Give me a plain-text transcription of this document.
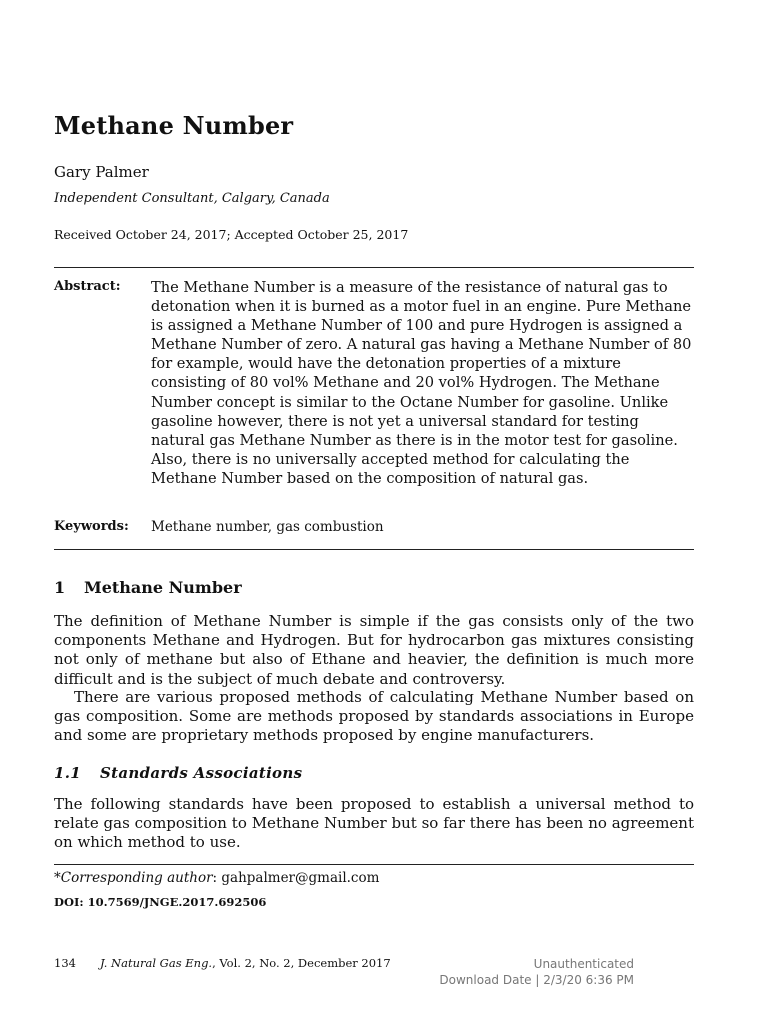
Methane Number
Gary Palmer
Independent Consultant, Calgary, Canada
Received October 24, 2017; Accepted October 25, 2017
Abstract: The Methane Number is a measure of the resistance of natural gas to detonation when it is burned as a motor fuel in an engine. Pure Methane is assigned a Methane Number of 100 and pure Hydrogen is assigned a Methane Number of zero. A natural gas having a Methane Number of 80 for example, would have the detonation properties of a mixture consisting of 80 vol% Methane and 20 vol% Hydrogen. The Methane Number concept is similar to the Octane Number for gasoline. Unlike gasoline however, there is not yet a universal standard for testing natural gas Methane Number as there is in the motor test for gasoline. Also, there is no universally accepted method for calculating the Methane Number based on the composition of natural gas.
Keywords: Methane number, gas combustion
1 Methane Number

The definition of Methane Number is simple if the gas consists only of the two components Methane and Hydrogen. But for hydrocarbon gas mixtures consisting not only of methane but also of Ethane and heavier, the definition is much more difficult and is the subject of much debate and controversy.

There are various proposed methods of calculating Methane Number based on gas composition. Some are methods proposed by standards associations in Europe and some are proprietary methods proposed by engine manufacturers.

1.1 Standards Associations

The following standards have been proposed to establish a universal method to relate gas composition to Methane Number but so far there has been no agreement on which method to use.

*Corresponding author: gahpalmer@gmail.com
DOI: 10.7569/JNGE.2017.692506
134 J. Natural Gas Eng., Vol. 2, No. 2, December 2017	Unauthenticated
Download Date | 2/3/20 6:36 PM
